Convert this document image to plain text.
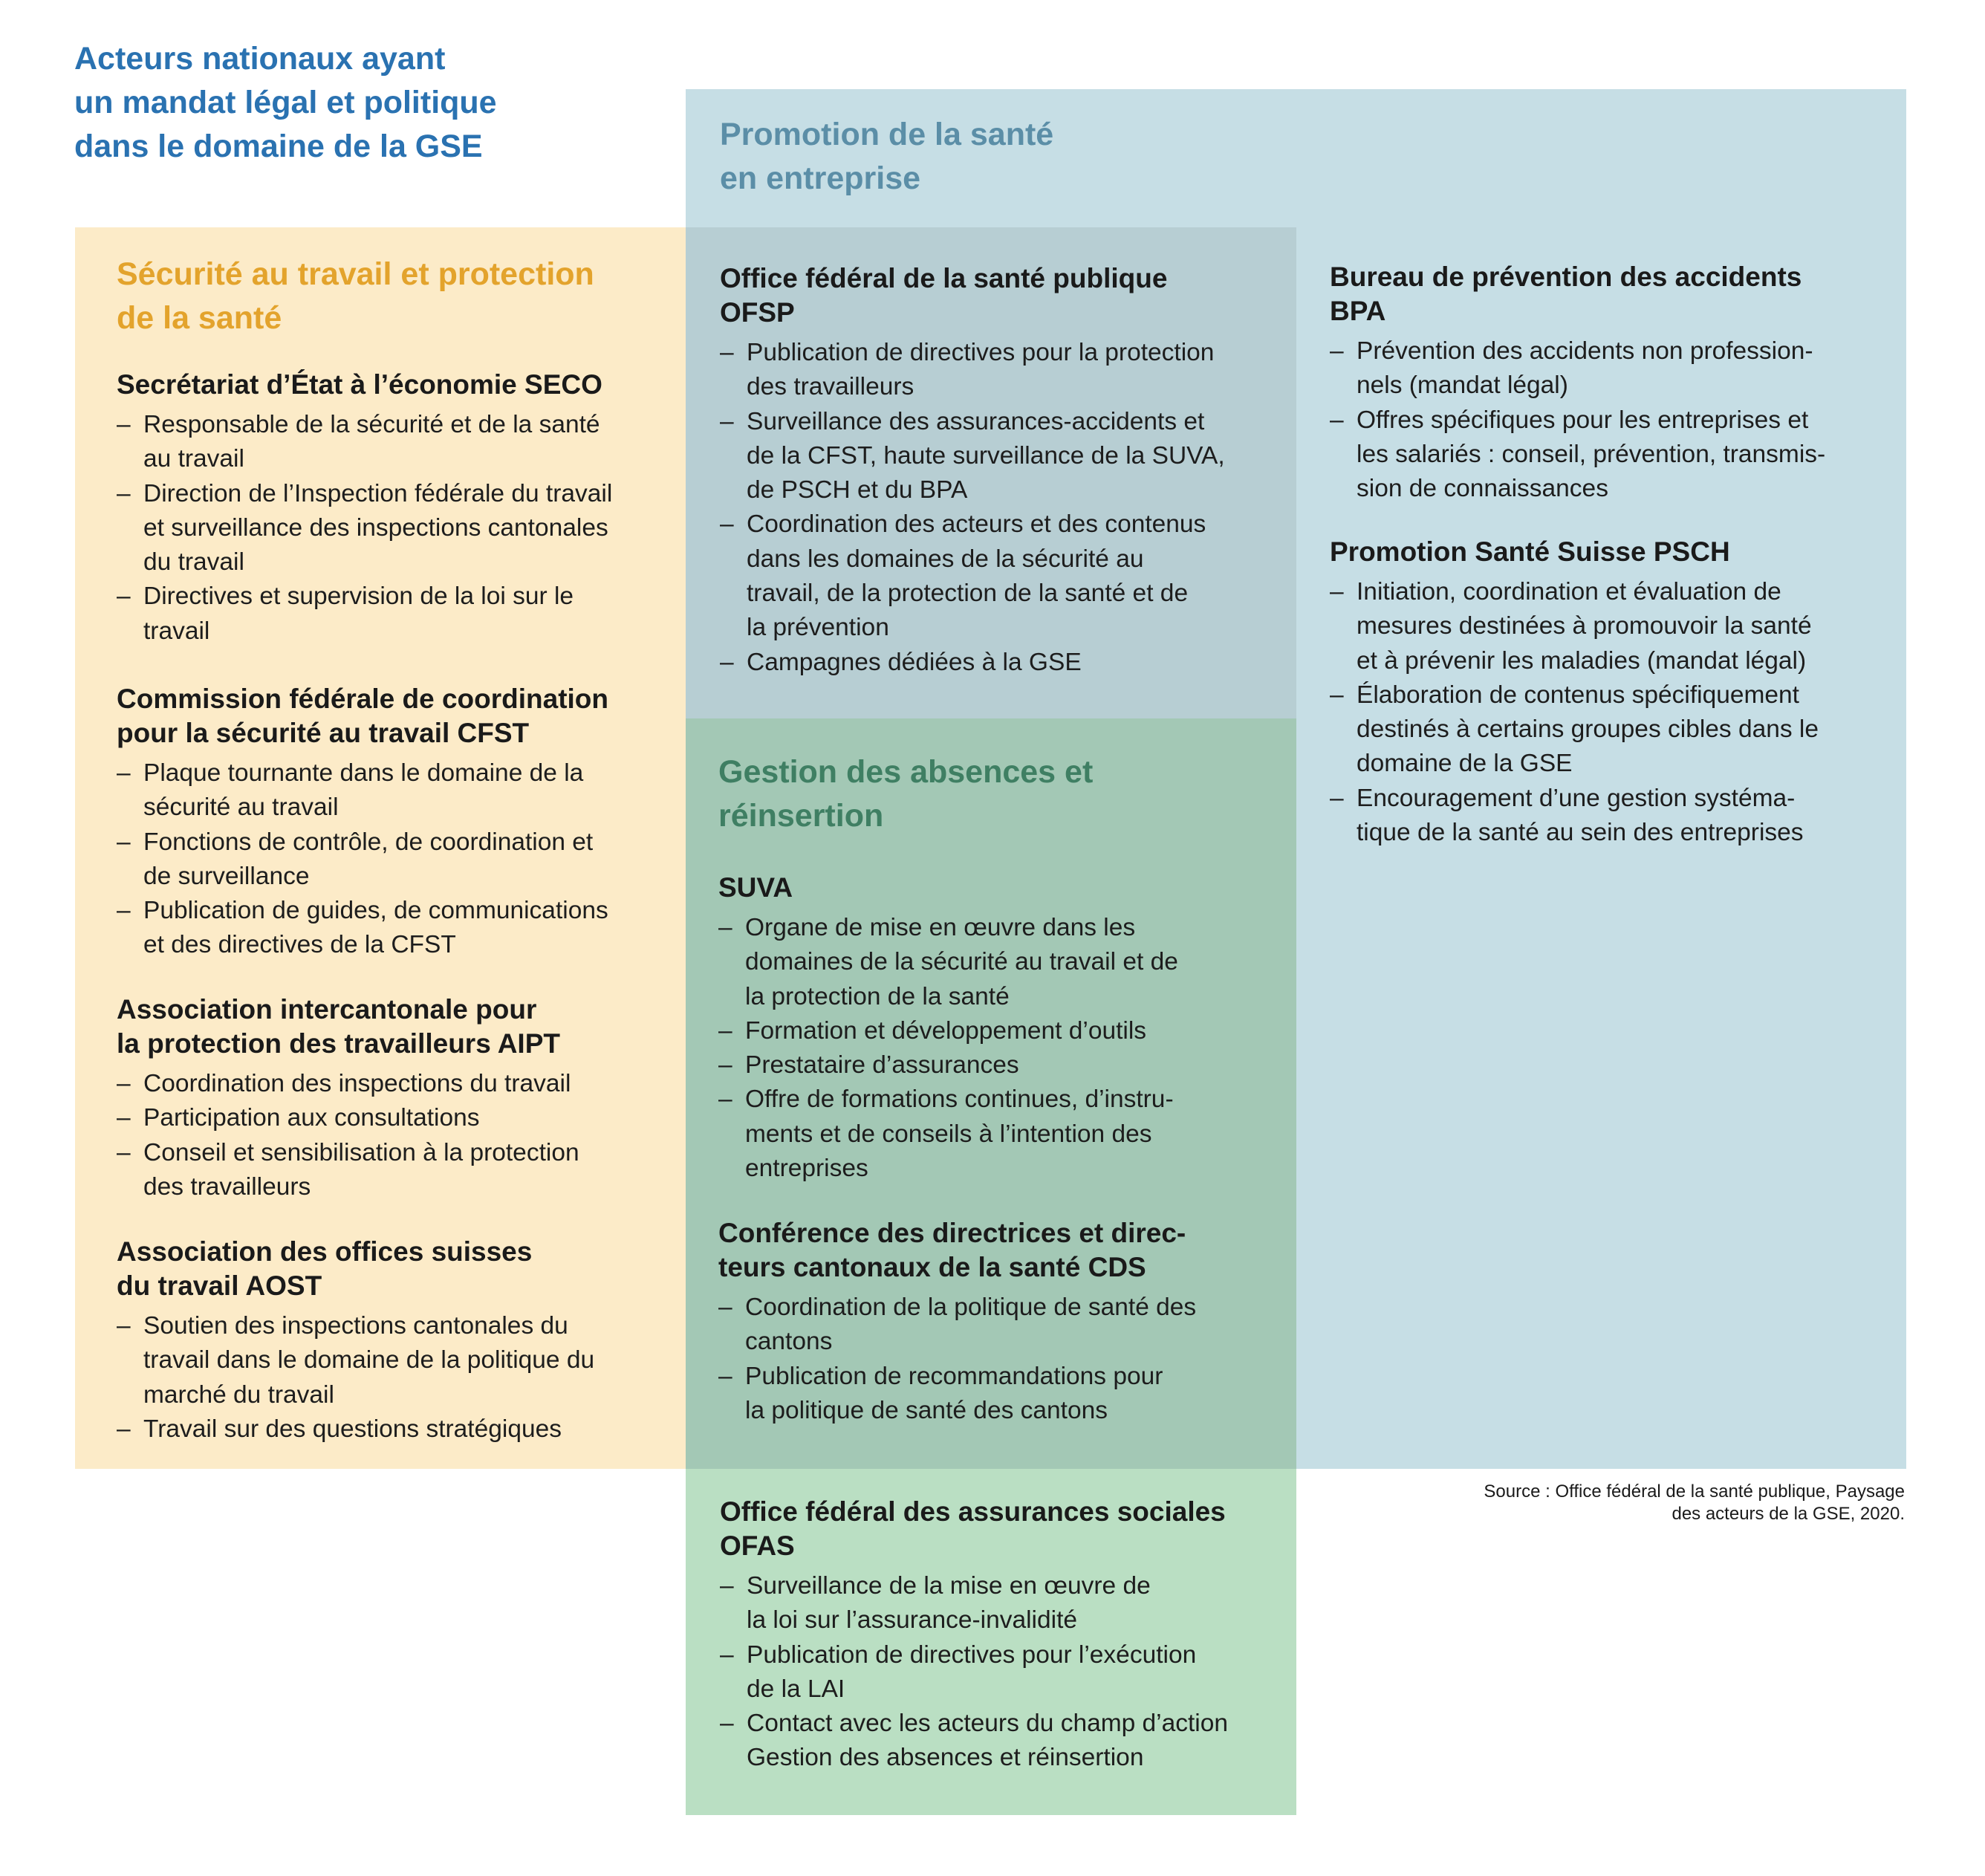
Acteurs nationaux ayant
un mandat légal et politique
dans le domaine de la GSE	Promotion de la santé
en entreprise
Sécurité au travail et protection
de la santé
Gestion des absences et
réinsertion
Secrétariat d’État à l’économie SECO
– Responsable de la sécurité et de la santé
au travail
– Direction de l’Inspection fédérale du travail
et surveillance des inspections cantonales
du travail
– Directives et supervision de la loi sur le
travail
Commission fédérale de coordination
pour la sécurité au travail CFST
– Plaque tournante dans le domaine de la
sécurité au travail
– Fonctions de contrôle, de coordination et
de surveillance
– Publication de guides, de communications
et des directives de la CFST
Association intercantonale pour
la protection des travailleurs AIPT
– Coordination des inspections du travail
– Participation aux consultations
– Conseil et sensibilisation à la protection
des travailleurs
Association des offices suisses
du travail AOST
– Soutien des inspections cantonales du
travail dans le domaine de la politique du
marché du travail
– Travail sur des questions stratégiques
Office fédéral de la santé publique
OFSP
– Publication de directives pour la protection
des travailleurs
– Surveillance des assurances-accidents et
de la CFST, haute surveillance de la SUVA,
de PSCH et du BPA
– Coordination des acteurs et des contenus
dans les domaines de la sécurité au
travail, de la protection de la santé et de
la prévention
– Campagnes dédiées à la GSE
Bureau de prévention des accidents
BPA
– Prévention des accidents non profession-
nels (mandat légal)
– Offres spécifiques pour les entreprises et
les salariés : conseil, prévention, transmis-
sion de connaissances
Promotion Santé Suisse PSCH
– Initiation, coordination et évaluation de
mesures destinées à promouvoir la santé
et à prévenir les maladies (mandat légal)
– Élaboration de contenus spécifiquement
destinés à certains groupes cibles dans le
domaine de la GSE
– Encouragement d’une gestion systéma-
tique de la santé au sein des entreprises
SUVA
– Organe de mise en œuvre dans les
domaines de la sécurité au travail et de
la protection de la santé
– Formation et développement d’outils
– Prestataire d’assurances
– Offre de formations continues, d’instru-
ments et de conseils à l’intention des
entreprises
Conférence des directrices et direc-
teurs cantonaux de la santé CDS
– Coordination de la politique de santé des
cantons
– Publication de recommandations pour
la politique de santé des cantons
Office fédéral des assurances sociales
OFAS
– Surveillance de la mise en œuvre de
la loi sur l’assurance-invalidité
– Publication de directives pour l’exécution
de la LAI
– Contact avec les acteurs du champ d’action
Gestion des absences et réinsertion
Source : Office fédéral de la santé publique, Paysage
des acteurs de la GSE, 2020.
